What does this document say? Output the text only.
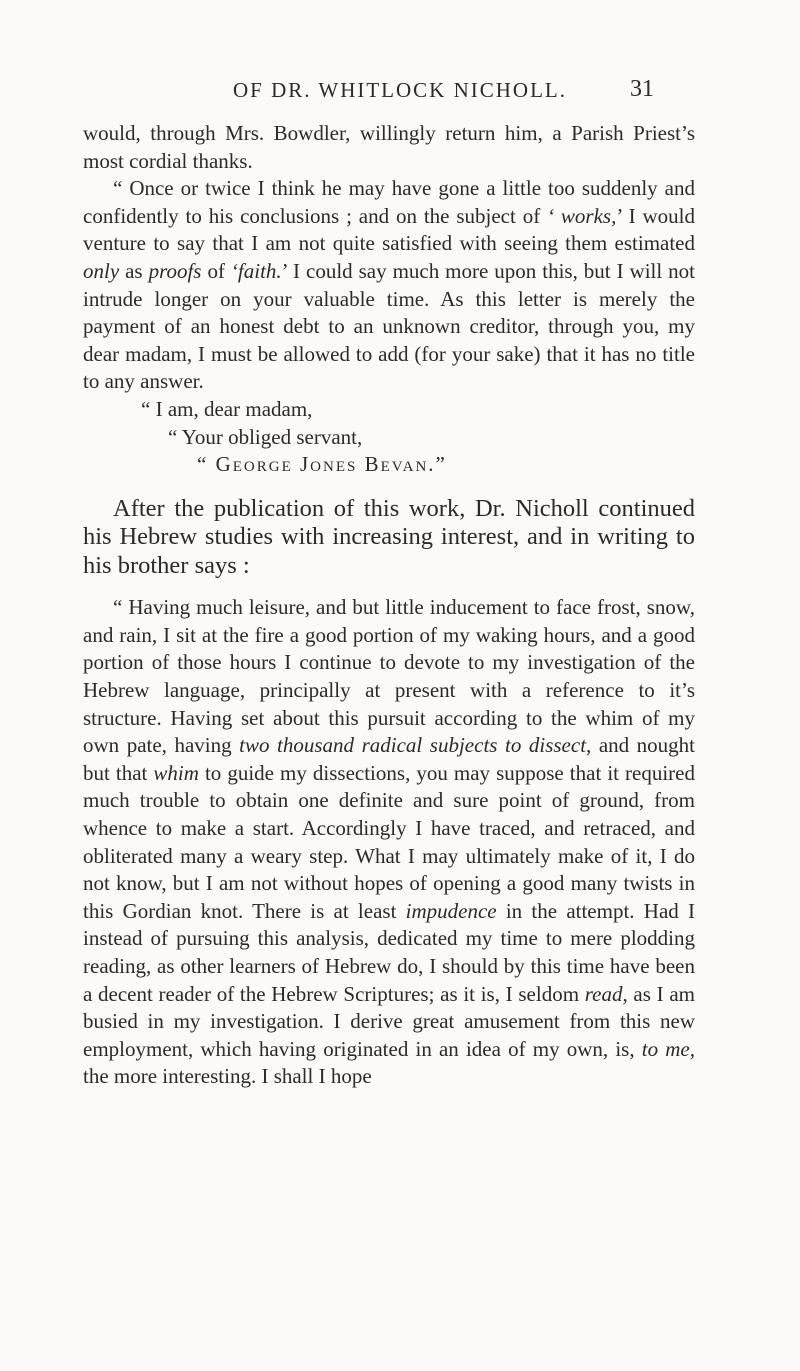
OF DR. WHITLOCK NICHOLL.	31

would, through Mrs. Bowdler, willingly return him, a Parish Priest’s most cordial thanks.

“ Once or twice I think he may have gone a little too suddenly and confidently to his conclusions ; and on the subject of ‘ works,’ I would venture to say that I am not quite satisfied with seeing them estimated only as proofs of ‘faith.’ I could say much more upon this, but I will not intrude longer on your valuable time. As this letter is merely the payment of an honest debt to an unknown creditor, through you, my dear madam, I must be allowed to add (for your sake) that it has no title to any answer.

“ I am, dear madam,

“ Your obliged servant,

“ George Jones Bevan.”

After the publication of this work, Dr. Nicholl continued his Hebrew studies with increasing interest, and in writing to his brother says :

“ Having much leisure, and but little inducement to face frost, snow, and rain, I sit at the fire a good portion of my waking hours, and a good portion of those hours I continue to devote to my investigation of the Hebrew language, principally at present with a reference to it’s structure. Having set about this pursuit according to the whim of my own pate, having two thousand radical subjects to dissect, and nought but that whim to guide my dissections, you may suppose that it required much trouble to obtain one definite and sure point of ground, from whence to make a start. Accordingly I have traced, and retraced, and obliterated many a weary step. What I may ultimately make of it, I do not know, but I am not without hopes of opening a good many twists in this Gordian knot. There is at least impudence in the attempt. Had I instead of pursuing this analysis, dedicated my time to mere plodding reading, as other learners of Hebrew do, I should by this time have been a decent reader of the Hebrew Scriptures; as it is, I seldom read, as I am busied in my investigation. I derive great amusement from this new employment, which having originated in an idea of my own, is, to me, the more interesting. I shall I hope
